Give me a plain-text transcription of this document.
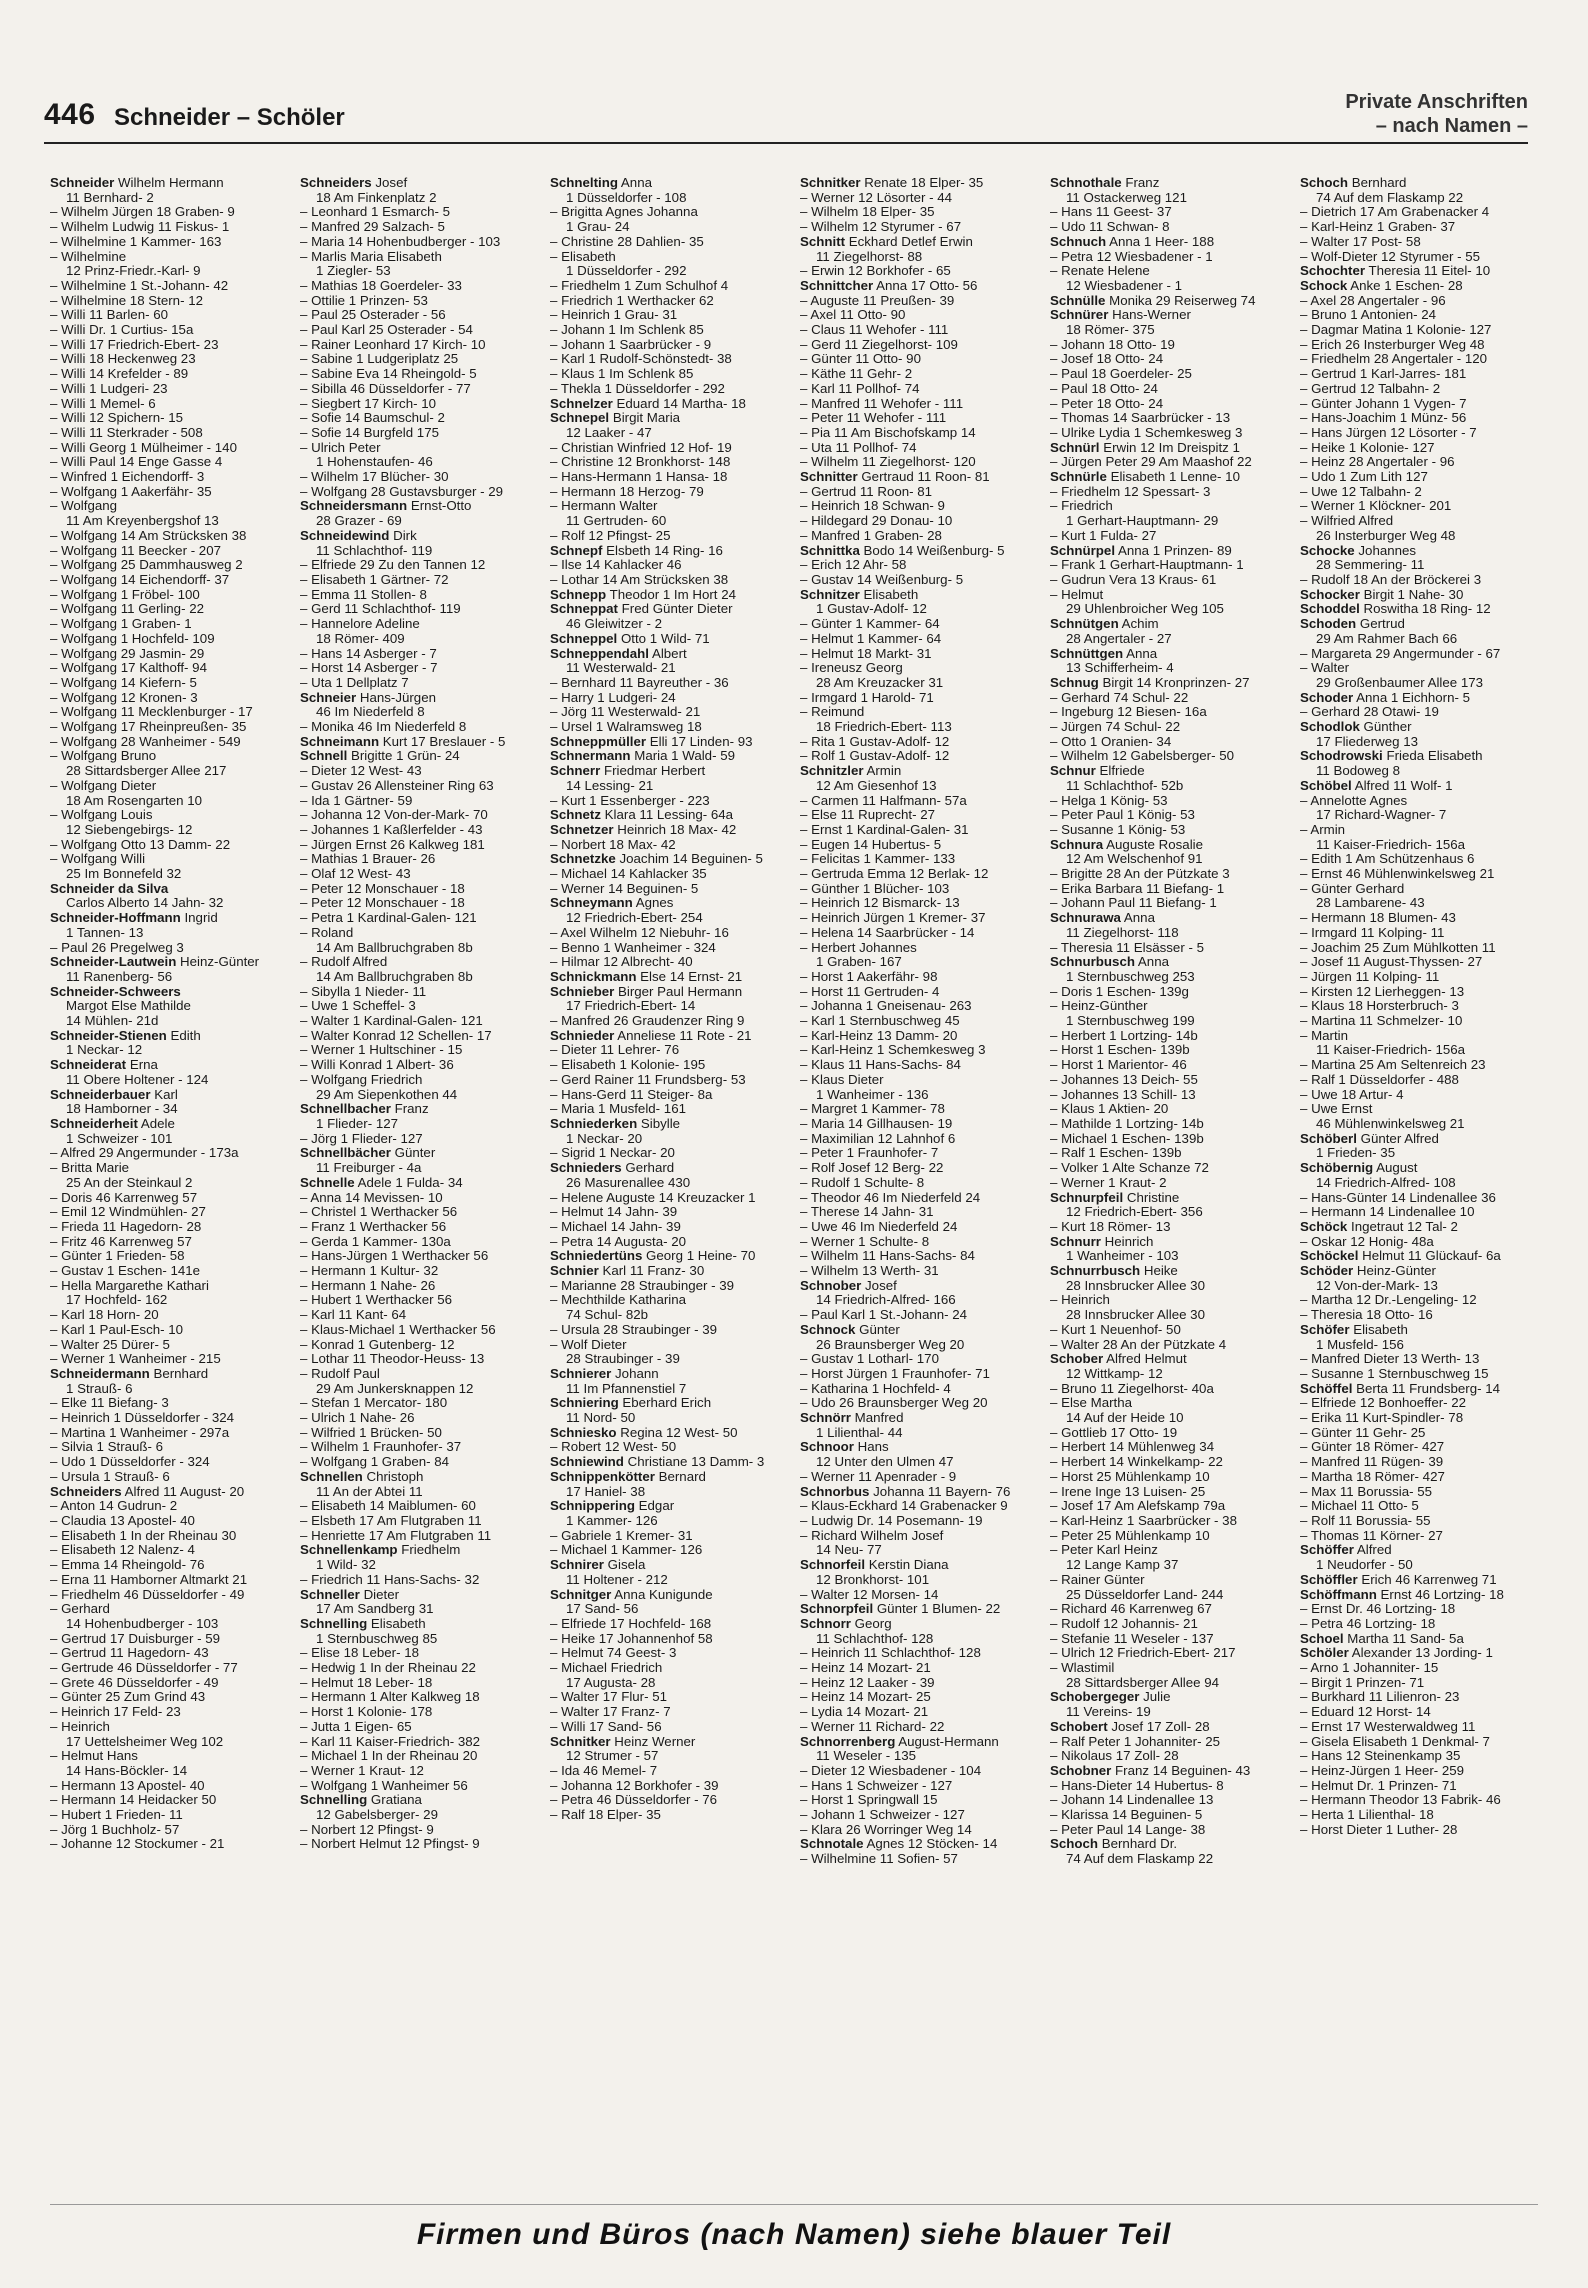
446 Schneider – Schöler
Private Anschriften
– nach Namen –
Schneider Wilhelm Hermann
11 Bernhard- 2
– Wilhelm Jürgen 18 Graben- 9
– Wilhelm Ludwig 11 Fiskus- 1
– Wilhelmine 1 Kammer- 163
– Wilhelmine
12 Prinz-Friedr.-Karl- 9
– Wilhelmine 1 St.-Johann- 42
– Wilhelmine 18 Stern- 12
– Willi 11 Barlen- 60
– Willi Dr. 1 Curtius- 15a
– Willi 17 Friedrich-Ebert- 23
– Willi 18 Heckenweg 23
– Willi 14 Krefelder - 89
– Willi 1 Ludgeri- 23
– Willi 1 Memel- 6
– Willi 12 Spichern- 15
– Willi 11 Sterkrader - 508
– Willi Georg 1 Mülheimer - 140
– Willi Paul 14 Enge Gasse 4
– Winfred 1 Eichendorff- 3
– Wolfgang 1 Aakerfähr- 35
– Wolfgang
11 Am Kreyenbergshof 13
– Wolfgang 14 Am Strücksken 38
– Wolfgang 11 Beecker - 207
– Wolfgang 25 Dammhausweg 2
– Wolfgang 14 Eichendorff- 37
– Wolfgang 1 Fröbel- 100
– Wolfgang 11 Gerling- 22
– Wolfgang 1 Graben- 1
– Wolfgang 1 Hochfeld- 109
– Wolfgang 29 Jasmin- 29
– Wolfgang 17 Kalthoff- 94
– Wolfgang 14 Kiefern- 5
– Wolfgang 12 Kronen- 3
– Wolfgang 11 Mecklenburger - 17
– Wolfgang 17 Rheinpreußen- 35
– Wolfgang 28 Wanheimer - 549
– Wolfgang Bruno
28 Sittardsberger Allee 217
– Wolfgang Dieter
18 Am Rosengarten 10
– Wolfgang Louis
12 Siebengebirgs- 12
– Wolfgang Otto 13 Damm- 22
– Wolfgang Willi
25 Im Bonnefeld 32
Schneider da Silva
Carlos Alberto 14 Jahn- 32
Schneider-Hoffmann Ingrid
1 Tannen- 13
– Paul 26 Pregelweg 3
Schneider-Lautwein Heinz-Günter
11 Ranenberg- 56
Schneider-Schweers
Margot Else Mathilde
14 Mühlen- 21d
Schneider-Stienen Edith
1 Neckar- 12
Schneiderat Erna
11 Obere Holtener - 124
Schneiderbauer Karl
18 Hamborner - 34
Schneiderheit Adele
1 Schweizer - 101
– Alfred 29 Angermunder - 173a
– Britta Marie
25 An der Steinkaul 2
– Doris 46 Karrenweg 57
– Emil 12 Windmühlen- 27
– Frieda 11 Hagedorn- 28
– Fritz 46 Karrenweg 57
– Günter 1 Frieden- 58
– Gustav 1 Eschen- 141e
– Hella Margarethe Kathari
17 Hochfeld- 162
– Karl 18 Horn- 20
– Karl 1 Paul-Esch- 10
– Walter 25 Dürer- 5
– Werner 1 Wanheimer - 215
Schneidermann Bernhard
1 Strauß- 6
– Elke 11 Biefang- 3
– Heinrich 1 Düsseldorfer - 324
– Martina 1 Wanheimer - 297a
– Silvia 1 Strauß- 6
– Udo 1 Düsseldorfer - 324
– Ursula 1 Strauß- 6
Schneiders Alfred 11 August- 20
– Anton 14 Gudrun- 2
– Claudia 13 Apostel- 40
– Elisabeth 1 In der Rheinau 30
– Elisabeth 12 Nalenz- 4
– Emma 14 Rheingold- 76
– Erna 11 Hamborner Altmarkt 21
– Friedhelm 46 Düsseldorfer - 49
– Gerhard
14 Hohenbudberger - 103
– Gertrud 17 Duisburger - 59
– Gertrud 11 Hagedorn- 43
– Gertrude 46 Düsseldorfer - 77
– Grete 46 Düsseldorfer - 49
– Günter 25 Zum Grind 43
– Heinrich 17 Feld- 23
– Heinrich
17 Uettelsheimer Weg 102
– Helmut Hans
14 Hans-Böckler- 14
– Hermann 13 Apostel- 40
– Hermann 14 Heidacker 50
– Hubert 1 Frieden- 11
– Jörg 1 Buchholz- 57
– Johanne 12 Stockumer - 21
Schneiders Josef
18 Am Finkenplatz 2
– Leonhard 1 Esmarch- 5
– Manfred 29 Salzach- 5
– Maria 14 Hohenbudberger - 103
– Marlis Maria Elisabeth
1 Ziegler- 53
– Mathias 18 Goerdeler- 33
– Ottilie 1 Prinzen- 53
– Paul 25 Osterader - 56
– Paul Karl 25 Osterader - 54
– Rainer Leonhard 17 Kirch- 10
– Sabine 1 Ludgeriplatz 25
– Sabine Eva 14 Rheingold- 5
– Sibilla 46 Düsseldorfer - 77
– Siegbert 17 Kirch- 10
– Sofie 14 Baumschul- 2
– Sofie 14 Burgfeld 175
– Ulrich Peter
1 Hohenstaufen- 46
– Wilhelm 17 Blücher- 30
– Wolfgang 28 Gustavsburger - 29
Schneidersmann Ernst-Otto
28 Grazer - 69
Schneidewind Dirk
11 Schlachthof- 119
– Elfriede 29 Zu den Tannen 12
– Elisabeth 1 Gärtner- 72
– Emma 11 Stollen- 8
– Gerd 11 Schlachthof- 119
– Hannelore Adeline
18 Römer- 409
– Hans 14 Asberger - 7
– Horst 14 Asberger - 7
– Uta 1 Dellplatz 7
Schneier Hans-Jürgen
46 Im Niederfeld 8
– Monika 46 Im Niederfeld 8
Schneimann Kurt 17 Breslauer - 5
Schnell Brigitte 1 Grün- 24
– Dieter 12 West- 43
– Gustav 26 Allensteiner Ring 63
– Ida 1 Gärtner- 59
– Johanna 12 Von-der-Mark- 70
– Johannes 1 Kaßlerfelder - 43
– Jürgen Ernst 26 Kalkweg 181
– Mathias 1 Brauer- 26
– Olaf 12 West- 43
– Peter 12 Monschauer - 18
– Peter 12 Monschauer - 18
– Petra 1 Kardinal-Galen- 121
– Roland
14 Am Ballbruchgraben 8b
– Rudolf Alfred
14 Am Ballbruchgraben 8b
– Sibylla 1 Nieder- 11
– Uwe 1 Scheffel- 3
– Walter 1 Kardinal-Galen- 121
– Walter Konrad 12 Schellen- 17
– Werner 1 Hultschiner - 15
– Willi Konrad 1 Albert- 36
– Wolfgang Friedrich
29 Am Siepenkothen 44
Schnellbacher Franz
1 Flieder- 127
– Jörg 1 Flieder- 127
Schnellbächer Günter
11 Freiburger - 4a
Schnelle Adele 1 Fulda- 34
– Anna 14 Mevissen- 10
– Christel 1 Werthacker 56
– Franz 1 Werthacker 56
– Gerda 1 Kammer- 130a
– Hans-Jürgen 1 Werthacker 56
– Hermann 1 Kultur- 32
– Hermann 1 Nahe- 26
– Hubert 1 Werthacker 56
– Karl 11 Kant- 64
– Klaus-Michael 1 Werthacker 56
– Konrad 1 Gutenberg- 12
– Lothar 11 Theodor-Heuss- 13
– Rudolf Paul
29 Am Junkersknappen 12
– Stefan 1 Mercator- 180
– Ulrich 1 Nahe- 26
– Wilfried 1 Brücken- 50
– Wilhelm 1 Fraunhofer- 37
– Wolfgang 1 Graben- 84
Schnellen Christoph
11 An der Abtei 11
– Elisabeth 14 Maiblumen- 60
– Elsbeth 17 Am Flutgraben 11
– Henriette 17 Am Flutgraben 11
Schnellenkamp Friedhelm
1 Wild- 32
– Friedrich 11 Hans-Sachs- 32
Schneller Dieter
17 Am Sandberg 31
Schnelling Elisabeth
1 Sternbuschweg 85
– Elise 18 Leber- 18
– Hedwig 1 In der Rheinau 22
– Helmut 18 Leber- 18
– Hermann 1 Alter Kalkweg 18
– Horst 1 Kolonie- 178
– Jutta 1 Eigen- 65
– Karl 11 Kaiser-Friedrich- 382
– Michael 1 In der Rheinau 20
– Werner 1 Kraut- 12
– Wolfgang 1 Wanheimer 56
Schnelling Gratiana
12 Gabelsberger- 29
– Norbert 12 Pfingst- 9
– Norbert Helmut 12 Pfingst- 9
Schnelting Anna
1 Düsseldorfer - 108
– Brigitta Agnes Johanna
1 Grau- 24
– Christine 28 Dahlien- 35
– Elisabeth
1 Düsseldorfer - 292
– Friedhelm 1 Zum Schulhof 4
– Friedrich 1 Werthacker 62
– Heinrich 1 Grau- 31
– Johann 1 Im Schlenk 85
– Johann 1 Saarbrücker - 9
– Karl 1 Rudolf-Schönstedt- 38
– Klaus 1 Im Schlenk 85
– Thekla 1 Düsseldorfer - 292
Schnelzer Eduard 14 Martha- 18
Schnepel Birgit Maria
12 Laaker - 47
– Christian Winfried 12 Hof- 19
– Christine 12 Bronkhorst- 148
– Hans-Hermann 1 Hansa- 18
– Hermann 18 Herzog- 79
– Hermann Walter
11 Gertruden- 60
– Rolf 12 Pfingst- 25
Schnepf Elsbeth 14 Ring- 16
– Ilse 14 Kahlacker 46
– Lothar 14 Am Strücksken 38
Schnepp Theodor 1 Im Hort 24
Schneppat Fred Günter Dieter
46 Gleiwitzer - 2
Schneppel Otto 1 Wild- 71
Schneppendahl Albert
11 Westerwald- 21
– Bernhard 11 Bayreuther - 36
– Harry 1 Ludgeri- 24
– Jörg 11 Westerwald- 21
– Ursel 1 Walramsweg 18
Schneppmüller Elli 17 Linden- 93
Schnermann Maria 1 Wald- 59
Schnerr Friedmar Herbert
14 Lessing- 21
– Kurt 1 Essenberger - 223
Schnetz Klara 11 Lessing- 64a
Schnetzer Heinrich 18 Max- 42
– Norbert 18 Max- 42
Schnetzke Joachim 14 Beguinen- 5
– Michael 14 Kahlacker 35
– Werner 14 Beguinen- 5
Schneymann Agnes
12 Friedrich-Ebert- 254
– Axel Wilhelm 12 Niebuhr- 16
– Benno 1 Wanheimer - 324
– Hilmar 12 Albrecht- 40
Schnickmann Else 14 Ernst- 21
Schnieber Birger Paul Hermann
17 Friedrich-Ebert- 14
– Manfred 26 Graudenzer Ring 9
Schnieder Anneliese 11 Rote - 21
– Dieter 11 Lehrer- 76
– Elisabeth 1 Kolonie- 195
– Gerd Rainer 11 Frundsberg- 53
– Hans-Gerd 11 Steiger- 8a
– Maria 1 Musfeld- 161
Schniederken Sibylle
1 Neckar- 20
– Sigrid 1 Neckar- 20
Schnieders Gerhard
26 Masurenallee 430
– Helene Auguste 14 Kreuzacker 1
– Helmut 14 Jahn- 39
– Michael 14 Jahn- 39
– Petra 14 Augusta- 20
Schniedertüns Georg 1 Heine- 70
Schnier Karl 11 Franz- 30
– Marianne 28 Straubinger - 39
– Mechthilde Katharina
74 Schul- 82b
– Ursula 28 Straubinger - 39
– Wolf Dieter
28 Straubinger - 39
Schnierer Johann
11 Im Pfannenstiel 7
Schniering Eberhard Erich
11 Nord- 50
Schniesko Regina 12 West- 50
– Robert 12 West- 50
Schniewind Christiane 13 Damm- 3
Schnippenkötter Bernard
17 Haniel- 38
Schnippering Edgar
1 Kammer- 126
– Gabriele 1 Kremer- 31
– Michael 1 Kammer- 126
Schnirer Gisela
11 Holtener - 212
Schnitger Anna Kunigunde
17 Sand- 56
– Elfriede 17 Hochfeld- 168
– Heike 17 Johannenhof 58
– Helmut 74 Geest- 3
– Michael Friedrich
17 Augusta- 28
– Walter 17 Flur- 51
– Walter 17 Franz- 7
– Willi 17 Sand- 56
Schnitker Heinz Werner
12 Strumer - 57
– Ida 46 Memel- 7
– Johanna 12 Borkhofer - 39
– Petra 46 Düsseldorfer - 76
– Ralf 18 Elper- 35
Schnitker Renate 18 Elper- 35
– Werner 12 Lösorter - 44
– Wilhelm 18 Elper- 35
– Wilhelm 12 Styrumer - 67
Schnitt Eckhard Detlef Erwin
11 Ziegelhorst- 88
– Erwin 12 Borkhofer - 65
Schnittcher Anna 17 Otto- 56
– Auguste 11 Preußen- 39
– Axel 11 Otto- 90
– Claus 11 Wehofer - 111
– Gerd 11 Ziegelhorst- 109
– Günter 11 Otto- 90
– Käthe 11 Gehr- 2
– Karl 11 Pollhof- 74
– Manfred 11 Wehofer - 111
– Peter 11 Wehofer - 111
– Pia 11 Am Bischofskamp 14
– Uta 11 Pollhof- 74
– Wilhelm 11 Ziegelhorst- 120
Schnitter Gertraud 11 Roon- 81
– Gertrud 11 Roon- 81
– Heinrich 18 Schwan- 9
– Hildegard 29 Donau- 10
– Manfred 1 Graben- 28
Schnittka Bodo 14 Weißenburg- 5
– Erich 12 Ahr- 58
– Gustav 14 Weißenburg- 5
Schnitzer Elisabeth
1 Gustav-Adolf- 12
– Günter 1 Kammer- 64
– Helmut 1 Kammer- 64
– Helmut 18 Markt- 31
– Ireneusz Georg
28 Am Kreuzacker 31
– Irmgard 1 Harold- 71
– Reimund
18 Friedrich-Ebert- 113
– Rita 1 Gustav-Adolf- 12
– Rolf 1 Gustav-Adolf- 12
Schnitzler Armin
12 Am Giesenhof 13
– Carmen 11 Halfmann- 57a
– Else 11 Ruprecht- 27
– Ernst 1 Kardinal-Galen- 31
– Eugen 14 Hubertus- 5
– Felicitas 1 Kammer- 133
– Gertruda Emma 12 Berlak- 12
– Günther 1 Blücher- 103
– Heinrich 12 Bismarck- 13
– Heinrich Jürgen 1 Kremer- 37
– Helena 14 Saarbrücker - 14
– Herbert Johannes
1 Graben- 167
– Horst 1 Aakerfähr- 98
– Horst 11 Gertruden- 4
– Johanna 1 Gneisenau- 263
– Karl 1 Sternbuschweg 45
– Karl-Heinz 13 Damm- 20
– Karl-Heinz 1 Schemkesweg 3
– Klaus 11 Hans-Sachs- 84
– Klaus Dieter
1 Wanheimer - 136
– Margret 1 Kammer- 78
– Maria 14 Gillhausen- 19
– Maximilian 12 Lahnhof 6
– Peter 1 Fraunhofer- 7
– Rolf Josef 12 Berg- 22
– Rudolf 1 Schulte- 8
– Theodor 46 Im Niederfeld 24
– Therese 14 Jahn- 31
– Uwe 46 Im Niederfeld 24
– Werner 1 Schulte- 8
– Wilhelm 11 Hans-Sachs- 84
– Wilhelm 13 Werth- 31
Schnober Josef
14 Friedrich-Alfred- 166
– Paul Karl 1 St.-Johann- 24
Schnock Günter
26 Braunsberger Weg 20
– Gustav 1 Lotharl- 170
– Horst Jürgen 1 Fraunhofer- 71
– Katharina 1 Hochfeld- 4
– Udo 26 Braunsberger Weg 20
Schnörr Manfred
1 Lilienthal- 44
Schnoor Hans
12 Unter den Ulmen 47
– Werner 11 Apenrader - 9
Schnorbus Johanna 11 Bayern- 76
– Klaus-Eckhard 14 Grabenacker 9
– Ludwig Dr. 14 Posemann- 19
– Richard Wilhelm Josef
14 Neu- 77
Schnorfeil Kerstin Diana
12 Bronkhorst- 101
– Walter 12 Morsen- 14
Schnorpfeil Günter 1 Blumen- 22
Schnorr Georg
11 Schlachthof- 128
– Heinrich 11 Schlachthof- 128
– Heinz 14 Mozart- 21
– Heinz 12 Laaker - 39
– Heinz 14 Mozart- 25
– Lydia 14 Mozart- 21
– Werner 11 Richard- 22
Schnorrenberg August-Hermann
11 Weseler - 135
– Dieter 12 Wiesbadener - 104
– Hans 1 Schweizer - 127
– Horst 1 Springwall 15
– Johann 1 Schweizer - 127
– Klara 26 Worringer Weg 14
Schnotale Agnes 12 Stöcken- 14
– Wilhelmine 11 Sofien- 57
Schnothale Franz
11 Ostackerweg 121
– Hans 11 Geest- 37
– Udo 11 Schwan- 8
Schnuch Anna 1 Heer- 188
– Petra 12 Wiesbadener - 1
– Renate Helene
12 Wiesbadener - 1
Schnülle Monika 29 Reiserweg 74
Schnürer Hans-Werner
18 Römer- 375
– Johann 18 Otto- 19
– Josef 18 Otto- 24
– Paul 18 Goerdeler- 25
– Paul 18 Otto- 24
– Peter 18 Otto- 24
– Thomas 14 Saarbrücker - 13
– Ulrike Lydia 1 Schemkesweg 3
Schnürl Erwin 12 Im Dreispitz 1
– Jürgen Peter 29 Am Maashof 22
Schnürle Elisabeth 1 Lenne- 10
– Friedhelm 12 Spessart- 3
– Friedrich
1 Gerhart-Hauptmann- 29
– Kurt 1 Fulda- 27
Schnürpel Anna 1 Prinzen- 89
– Frank 1 Gerhart-Hauptmann- 1
– Gudrun Vera 13 Kraus- 61
– Helmut
29 Uhlenbroicher Weg 105
Schnütgen Achim
28 Angertaler - 27
Schnüttgen Anna
13 Schifferheim- 4
Schnug Birgit 14 Kronprinzen- 27
– Gerhard 74 Schul- 22
– Ingeburg 12 Biesen- 16a
– Jürgen 74 Schul- 22
– Otto 1 Oranien- 34
– Wilhelm 12 Gabelsberger- 50
Schnur Elfriede
11 Schlachthof- 52b
– Helga 1 König- 53
– Peter Paul 1 König- 53
– Susanne 1 König- 53
Schnura Auguste Rosalie
12 Am Welschenhof 91
– Brigitte 28 An der Pützkate 3
– Erika Barbara 11 Biefang- 1
– Johann Paul 11 Biefang- 1
Schnurawa Anna
11 Ziegelhorst- 118
– Theresia 11 Elsässer - 5
Schnurbusch Anna
1 Sternbuschweg 253
– Doris 1 Eschen- 139g
– Heinz-Günther
1 Sternbuschweg 199
– Herbert 1 Lortzing- 14b
– Horst 1 Eschen- 139b
– Horst 1 Marientor- 46
– Johannes 13 Deich- 55
– Johannes 13 Schill- 13
– Klaus 1 Aktien- 20
– Mathilde 1 Lortzing- 14b
– Michael 1 Eschen- 139b
– Ralf 1 Eschen- 139b
– Volker 1 Alte Schanze 72
– Werner 1 Kraut- 2
Schnurpfeil Christine
12 Friedrich-Ebert- 356
– Kurt 18 Römer- 13
Schnurr Heinrich
1 Wanheimer - 103
Schnurrbusch Heike
28 Innsbrucker Allee 30
– Heinrich
28 Innsbrucker Allee 30
– Kurt 1 Neuenhof- 50
– Walter 28 An der Pützkate 4
Schober Alfred Helmut
12 Wittkamp- 12
– Bruno 11 Ziegelhorst- 40a
– Else Martha
14 Auf der Heide 10
– Gottlieb 17 Otto- 19
– Herbert 14 Mühlenweg 34
– Herbert 14 Winkelkamp- 22
– Horst 25 Mühlenkamp 10
– Irene Inge 13 Luisen- 25
– Josef 17 Am Alefskamp 79a
– Karl-Heinz 1 Saarbrücker - 38
– Peter 25 Mühlenkamp 10
– Peter Karl Heinz
12 Lange Kamp 37
– Rainer Günter
25 Düsseldorfer Land- 244
– Richard 46 Karrenweg 67
– Rudolf 12 Johannis- 21
– Stefanie 11 Weseler - 137
– Ulrich 12 Friedrich-Ebert- 217
– Wlastimil
28 Sittardsberger Allee 94
Schobergeger Julie
11 Vereins- 19
Schobert Josef 17 Zoll- 28
– Ralf Peter 1 Johanniter- 25
– Nikolaus 17 Zoll- 28
Schobner Franz 14 Beguinen- 43
– Hans-Dieter 14 Hubertus- 8
– Johann 14 Lindenallee 13
– Klarissa 14 Beguinen- 5
– Peter Paul 14 Lange- 38
Schoch Bernhard Dr.
74 Auf dem Flaskamp 22
Schoch Bernhard
74 Auf dem Flaskamp 22
– Dietrich 17 Am Grabenacker 4
– Karl-Heinz 1 Graben- 37
– Walter 17 Post- 58
– Wolf-Dieter 12 Styrumer - 55
Schochter Theresia 11 Eitel- 10
Schock Anke 1 Eschen- 28
– Axel 28 Angertaler - 96
– Bruno 1 Antonien- 24
– Dagmar Matina 1 Kolonie- 127
– Erich 26 Insterburger Weg 48
– Friedhelm 28 Angertaler - 120
– Gertrud 1 Karl-Jarres- 181
– Gertrud 12 Talbahn- 2
– Günter Johann 1 Vygen- 7
– Hans-Joachim 1 Münz- 56
– Hans Jürgen 12 Lösorter - 7
– Heike 1 Kolonie- 127
– Heinz 28 Angertaler - 96
– Udo 1 Zum Lith 127
– Uwe 12 Talbahn- 2
– Werner 1 Klöckner- 201
– Wilfried Alfred
26 Insterburger Weg 48
Schocke Johannes
28 Semmering- 11
– Rudolf 18 An der Bröckerei 3
Schocker Birgit 1 Nahe- 30
Schoddel Roswitha 18 Ring- 12
Schoden Gertrud
29 Am Rahmer Bach 66
– Margareta 29 Angermunder - 67
– Walter
29 Großenbaumer Allee 173
Schoder Anna 1 Eichhorn- 5
– Gerhard 28 Otawi- 19
Schodlok Günther
17 Fliederweg 13
Schodrowski Frieda Elisabeth
11 Bodoweg 8
Schöbel Alfred 11 Wolf- 1
– Annelotte Agnes
17 Richard-Wagner- 7
– Armin
11 Kaiser-Friedrich- 156a
– Edith 1 Am Schützenhaus 6
– Ernst 46 Mühlenwinkelsweg 21
– Günter Gerhard
28 Lambarene- 43
– Hermann 18 Blumen- 43
– Irmgard 11 Kolping- 11
– Joachim 25 Zum Mühlkotten 11
– Josef 11 August-Thyssen- 27
– Jürgen 11 Kolping- 11
– Kirsten 12 Lierheggen- 13
– Klaus 18 Horsterbruch- 3
– Martina 11 Schmelzer- 10
– Martin
11 Kaiser-Friedrich- 156a
– Martina 25 Am Seltenreich 23
– Ralf 1 Düsseldorfer - 488
– Uwe 18 Artur- 4
– Uwe Ernst
46 Mühlenwinkelsweg 21
Schöberl Günter Alfred
1 Frieden- 35
Schöbernig August
14 Friedrich-Alfred- 108
– Hans-Günter 14 Lindenallee 36
– Hermann 14 Lindenallee 10
Schöck Ingetraut 12 Tal- 2
– Oskar 12 Honig- 48a
Schöckel Helmut 11 Glückauf- 6a
Schöder Heinz-Günter
12 Von-der-Mark- 13
– Martha 12 Dr.-Lengeling- 12
– Theresia 18 Otto- 16
Schöfer Elisabeth
1 Musfeld- 156
– Manfred Dieter 13 Werth- 13
– Susanne 1 Sternbuschweg 15
Schöffel Berta 11 Frundsberg- 14
– Elfriede 12 Bonhoeffer- 22
– Erika 11 Kurt-Spindler- 78
– Günter 11 Gehr- 25
– Günter 18 Römer- 427
– Manfred 11 Rügen- 39
– Martha 18 Römer- 427
– Max 11 Borussia- 55
– Michael 11 Otto- 5
– Rolf 11 Borussia- 55
– Thomas 11 Körner- 27
Schöffer Alfred
1 Neudorfer - 50
Schöffler Erich 46 Karrenweg 71
Schöffmann Ernst 46 Lortzing- 18
– Ernst Dr. 46 Lortzing- 18
– Petra 46 Lortzing- 18
Schoel Martha 11 Sand- 5a
Schöler Alexander 13 Jording- 1
– Arno 1 Johanniter- 15
– Birgit 1 Prinzen- 71
– Burkhard 11 Lilienron- 23
– Eduard 12 Horst- 14
– Ernst 17 Westerwaldweg 11
– Gisela Elisabeth 1 Denkmal- 7
– Hans 12 Steinenkamp 35
– Heinz-Jürgen 1 Heer- 259
– Helmut Dr. 1 Prinzen- 71
– Hermann Theodor 13 Fabrik- 46
– Herta 1 Lilienthal- 18
– Horst Dieter 1 Luther- 28
Firmen und Büros (nach Namen) siehe blauer Teil
